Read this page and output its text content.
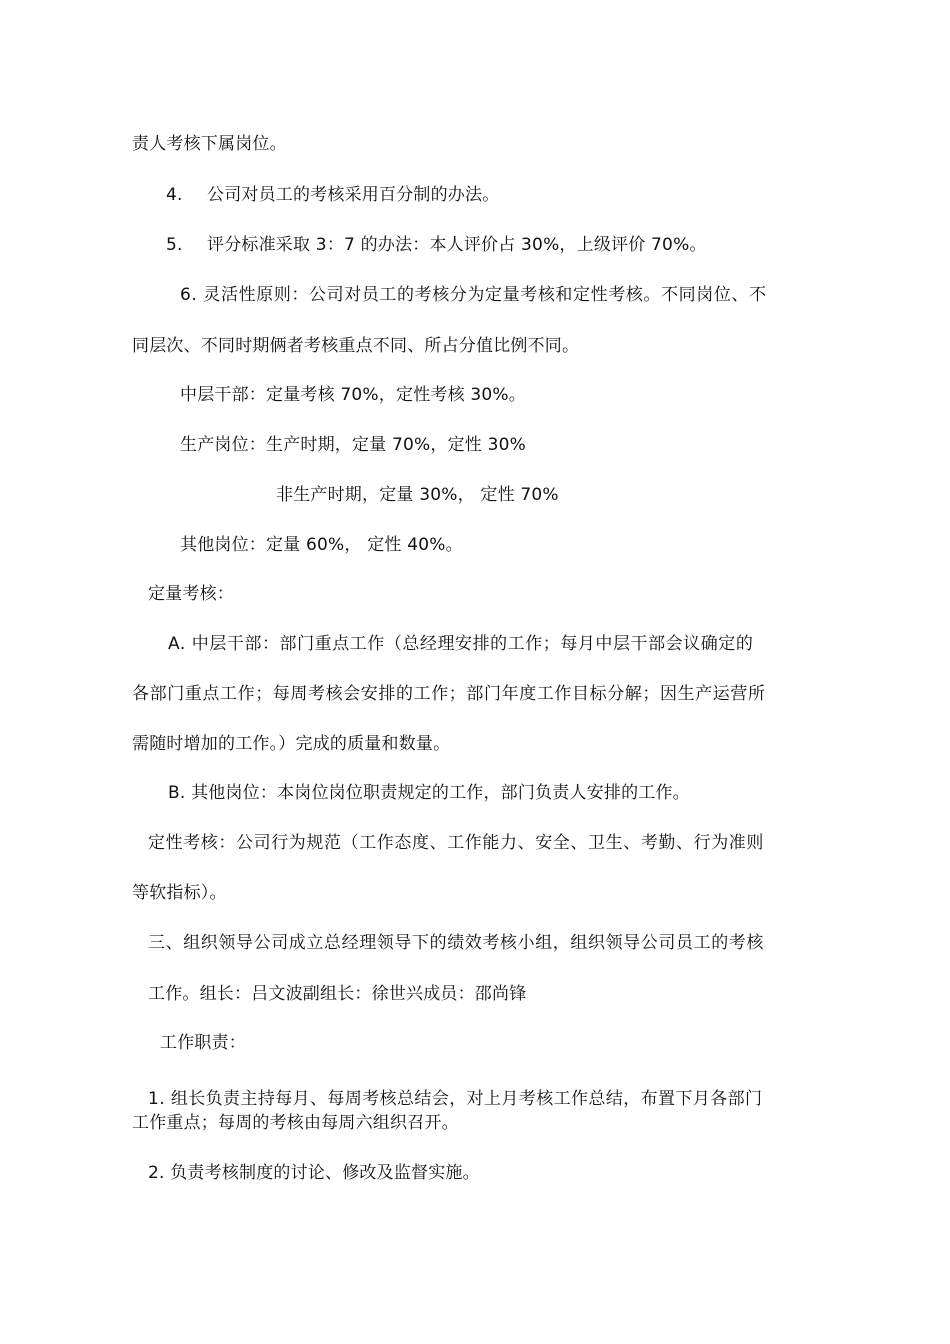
责人考核下属岗位。
4. 公司对员工的考核采用百分制的办法。
5. 评分标准采取 3：7 的办法：本人评价占 30%，上级评价 70%。
6. 灵活性原则：公司对员工的考核分为定量考核和定性考核。不同岗位、不
同层次、不同时期俩者考核重点不同、所占分值比例不同。
中层干部：定量考核 70%，定性考核 30%。
生产岗位：生产时期，定量 70%，定性 30%
非生产时期，定量 30%， 定性 70%
其他岗位：定量 60%， 定性 40%。
定量考核：
A. 中层干部：部门重点工作（总经理安排的工作；每月中层干部会议确定的
各部门重点工作；每周考核会安排的工作；部门年度工作目标分解；因生产运营所
需随时增加的工作。）完成的质量和数量。
B. 其他岗位：本岗位岗位职责规定的工作，部门负责人安排的工作。
定性考核：公司行为规范（工作态度、工作能力、安全、卫生、考勤、行为准则
等软指标）。
三、组织领导公司成立总经理领导下的绩效考核小组，组织领导公司员工的考核
工作。组长：吕文波副组长：徐世兴成员：邵尚锋
工作职责：
1. 组长负责主持每月、每周考核总结会，对上月考核工作总结，布置下月各部门
工作重点；每周的考核由每周六组织召开。
2. 负责考核制度的讨论、修改及监督实施。
